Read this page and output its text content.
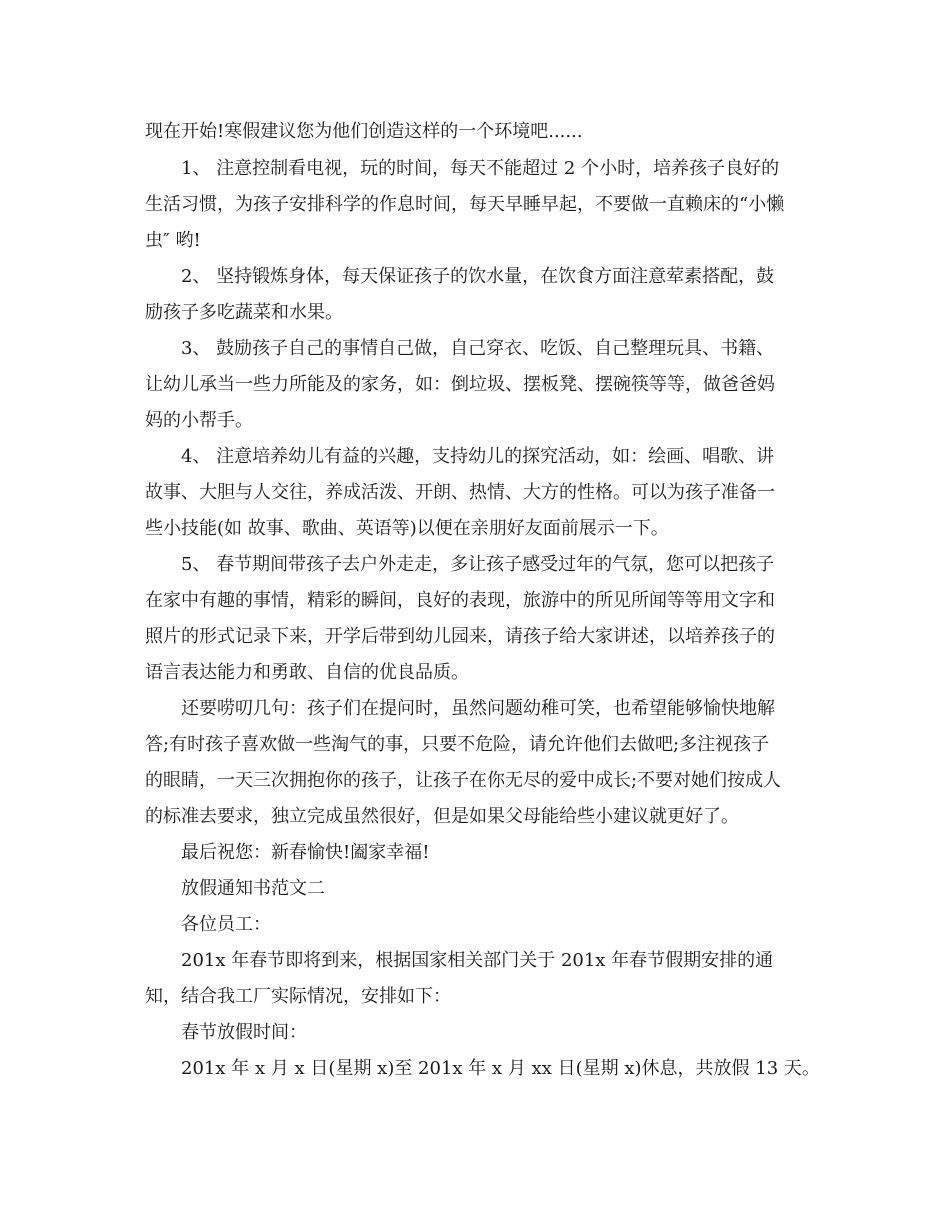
现在开始!寒假建议您为他们创造这样的一个环境吧......
1、 注意控制看电视，玩的时间，每天不能超过 2 个小时，培养孩子良好的
生活习惯，为孩子安排科学的作息时间，每天早睡早起，不要做一直赖床的“小懒
虫″ 哟!
2、 坚持锻炼身体，每天保证孩子的饮水量，在饮食方面注意荤素搭配，鼓
励孩子多吃蔬菜和水果。
3、 鼓励孩子自己的事情自己做，自己穿衣、吃饭、自己整理玩具、书籍、
让幼儿承当一些力所能及的家务，如：倒垃圾、摆板凳、摆碗筷等等，做爸爸妈
妈的小帮手。
4、 注意培养幼儿有益的兴趣，支持幼儿的探究活动，如：绘画、唱歌、讲
故事、大胆与人交往，养成活泼、开朗、热情、大方的性格。可以为孩子准备一
些小技能(如 故事、歌曲、英语等)以便在亲朋好友面前展示一下。
5、 春节期间带孩子去户外走走，多让孩子感受过年的气氛，您可以把孩子
在家中有趣的事情，精彩的瞬间，良好的表现，旅游中的所见所闻等等用文字和
照片的形式记录下来，开学后带到幼儿园来，请孩子给大家讲述，以培养孩子的
语言表达能力和勇敢、自信的优良品质。
还要唠叨几句：孩子们在提问时，虽然问题幼稚可笑，也希望能够愉快地解
答;有时孩子喜欢做一些淘气的事，只要不危险，请允许他们去做吧;多注视孩子
的眼睛，一天三次拥抱你的孩子，让孩子在你无尽的爱中成长;不要对她们按成人
的标准去要求，独立完成虽然很好，但是如果父母能给些小建议就更好了。
最后祝您：新春愉快!阖家幸福!
放假通知书范文二
各位员工：
201x 年春节即将到来，根据国家相关部门关于 201x 年春节假期安排的通
知，结合我工厂实际情况，安排如下：
春节放假时间：
201x 年 x 月 x 日(星期 x)至 201x 年 x 月 xx 日(星期 x)休息，共放假 13 天。
